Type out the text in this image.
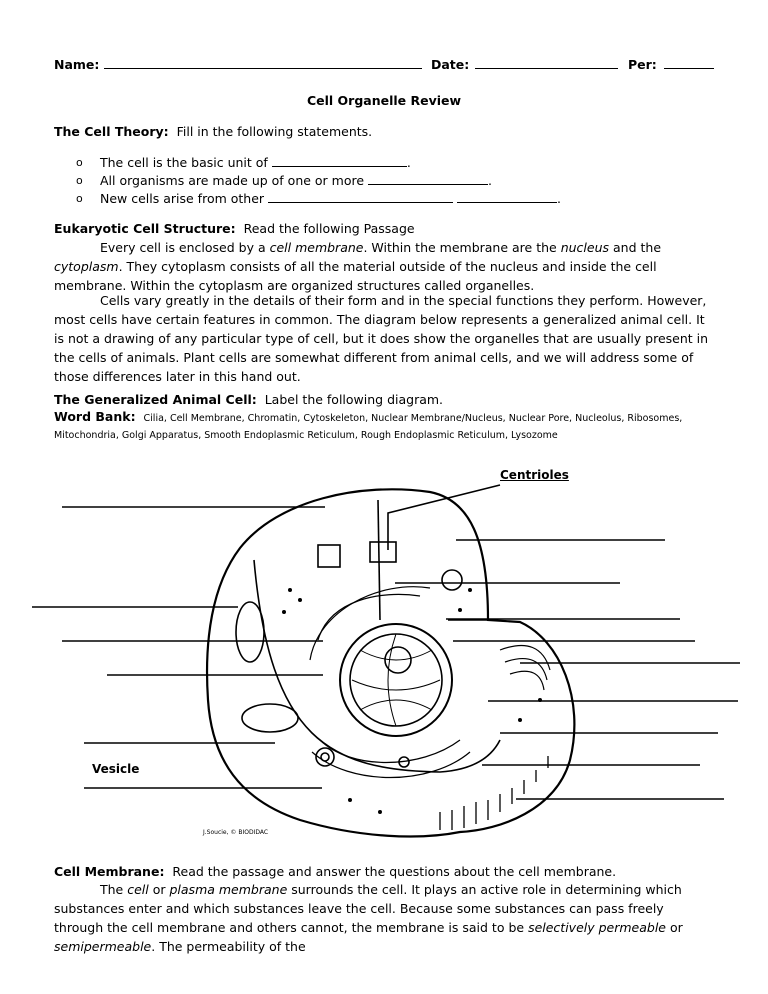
Name:	Date:	Per:
Cell Organelle Review
The Cell Theory: Fill in the following statements.
o The cell is the basic unit of	.
o All organisms are made up of one or more	.
o New cells arise from other	.
Eukaryotic Cell Structure: Read the following Passage

Every cell is enclosed by a cell membrane. Within the membrane are the nucleus and the cytoplasm. They cytoplasm consists of all the material outside of the nucleus and inside the cell membrane. Within the cytoplasm are organized structures called organelles.

Cells vary greatly in the details of their form and in the special functions they perform. However, most cells have certain features in common. The diagram below represents a generalized animal cell. It is not a drawing of any particular type of cell, but it does show the organelles that are usually present in the cells of animals. Plant cells are somewhat different from animal cells, and we will address some of those differences later in this hand out.

The Generalized Animal Cell: Label the following diagram.
Word Bank: Cilia, Cell Membrane, Chromatin, Cytoskeleton, Nuclear Membrane/Nucleus, Nuclear Pore, Nucleolus, Ribosomes, Mitochondria, Golgi Apparatus, Smooth Endoplasmic Reticulum, Rough Endoplasmic Reticulum, Lysozome
Centrioles
Vesicle
J.Soucie, © BIODIDAC
Cell Membrane: Read the passage and answer the questions about the cell membrane.

The cell or plasma membrane surrounds the cell. It plays an active role in determining which substances enter and which substances leave the cell. Because some substances can pass freely through the cell membrane and others cannot, the membrane is said to be selectively permeable or semipermeable. The permeability of the
